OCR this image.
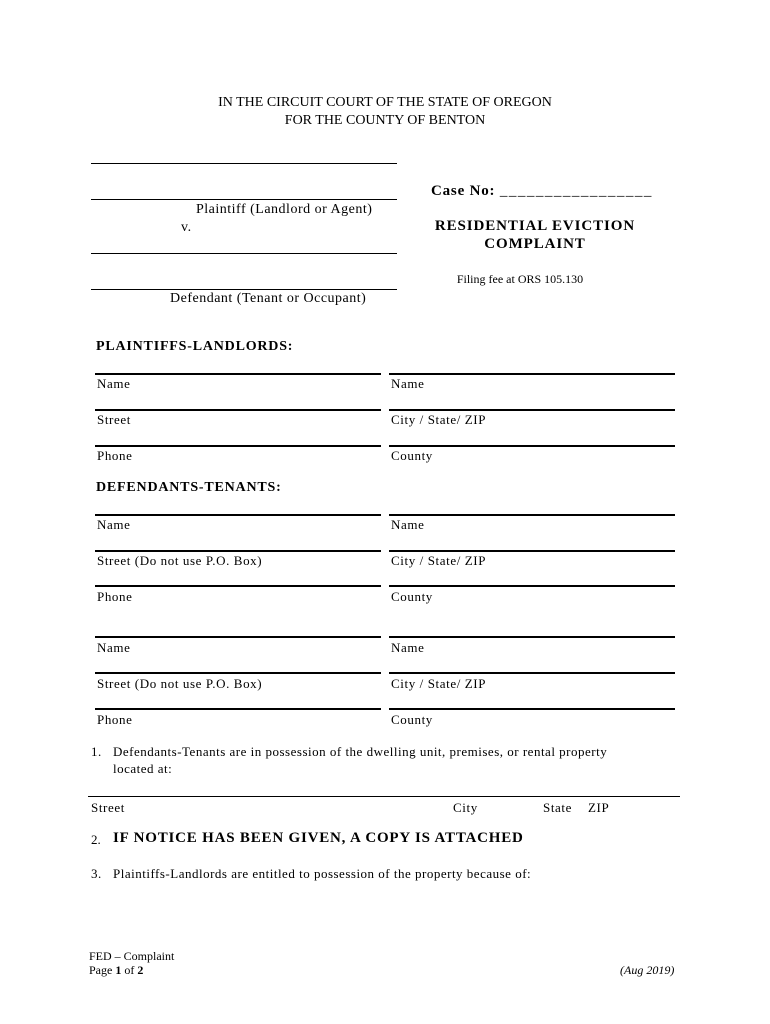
IN THE CIRCUIT COURT OF THE STATE OF OREGON
FOR THE COUNTY OF BENTON
Plaintiff (Landlord or Agent)
v.
Defendant (Tenant or Occupant)
Case No: _________________
RESIDENTIAL EVICTION
COMPLAINT
Filing fee at ORS 105.130
PLAINTIFFS-LANDLORDS:
Name	Name
Street	City / State/ ZIP
Phone	County
DEFENDANTS-TENANTS:
Name	Name
Street (Do not use P.O. Box)	City / State/ ZIP
Phone	County
Name	Name
Street (Do not use P.O. Box)	City / State/ ZIP
Phone	County
1. Defendants-Tenants are in possession of the dwelling unit, premises, or rental property
located at:
Street	City	State ZIP
2. IF NOTICE HAS BEEN GIVEN, A COPY IS ATTACHED
3. Plaintiffs-Landlords are entitled to possession of the property because of:
FED – Complaint
Page 1 of 2	(Aug 2019)
